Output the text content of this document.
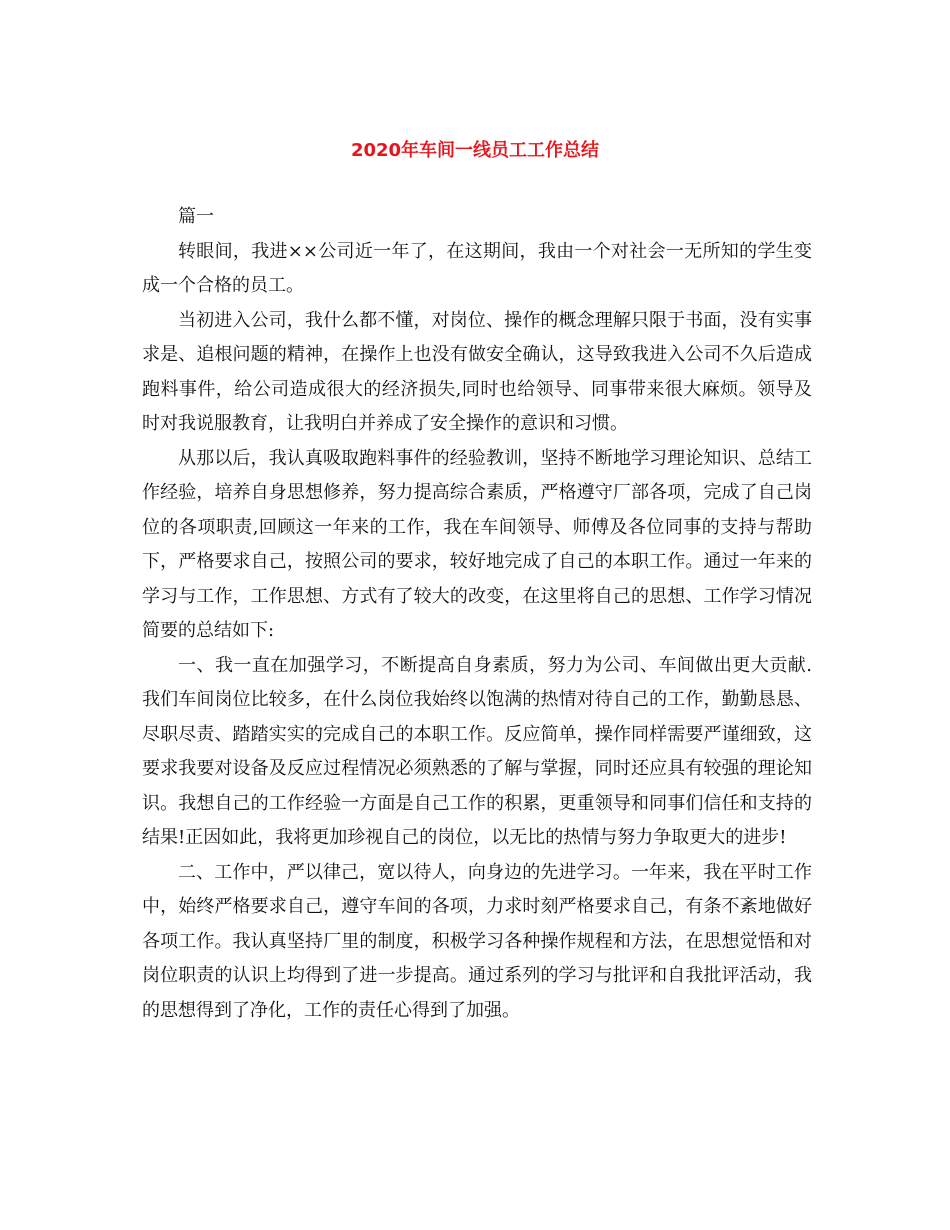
2020年车间一线员工工作总结

篇一

转眼间，我进××公司近一年了，在这期间，我由一个对社会一无所知的学生变成一个合格的员工。

当初进入公司，我什么都不懂，对岗位、操作的概念理解只限于书面，没有实事求是、追根问题的精神，在操作上也没有做安全确认，这导致我进入公司不久后造成跑料事件，给公司造成很大的经济损失,同时也给领导、同事带来很大麻烦。领导及时对我说服教育，让我明白并养成了安全操作的意识和习惯。

从那以后，我认真吸取跑料事件的经验教训，坚持不断地学习理论知识、总结工作经验，培养自身思想修养，努力提高综合素质，严格遵守厂部各项，完成了自己岗位的各项职责,回顾这一年来的工作，我在车间领导、师傅及各位同事的支持与帮助下，严格要求自己，按照公司的要求，较好地完成了自己的本职工作。通过一年来的学习与工作，工作思想、方式有了较大的改变，在这里将自己的思想、工作学习情况简要的总结如下:

一、我一直在加强学习，不断提高自身素质，努力为公司、车间做出更大贡献.我们车间岗位比较多，在什么岗位我始终以饱满的热情对待自己的工作，勤勤恳恳、尽职尽责、踏踏实实的完成自己的本职工作。反应简单，操作同样需要严谨细致，这要求我要对设备及反应过程情况必须熟悉的了解与掌握，同时还应具有较强的理论知识。我想自己的工作经验一方面是自己工作的积累，更重领导和同事们信任和支持的结果!正因如此，我将更加珍视自己的岗位，以无比的热情与努力争取更大的进步!

二、工作中，严以律己，宽以待人，向身边的先进学习。一年来，我在平时工作中，始终严格要求自己，遵守车间的各项，力求时刻严格要求自己，有条不紊地做好各项工作。我认真坚持厂里的制度，积极学习各种操作规程和方法，在思想觉悟和对岗位职责的认识上均得到了进一步提高。通过系列的学习与批评和自我批评活动，我的思想得到了净化，工作的责任心得到了加强。
